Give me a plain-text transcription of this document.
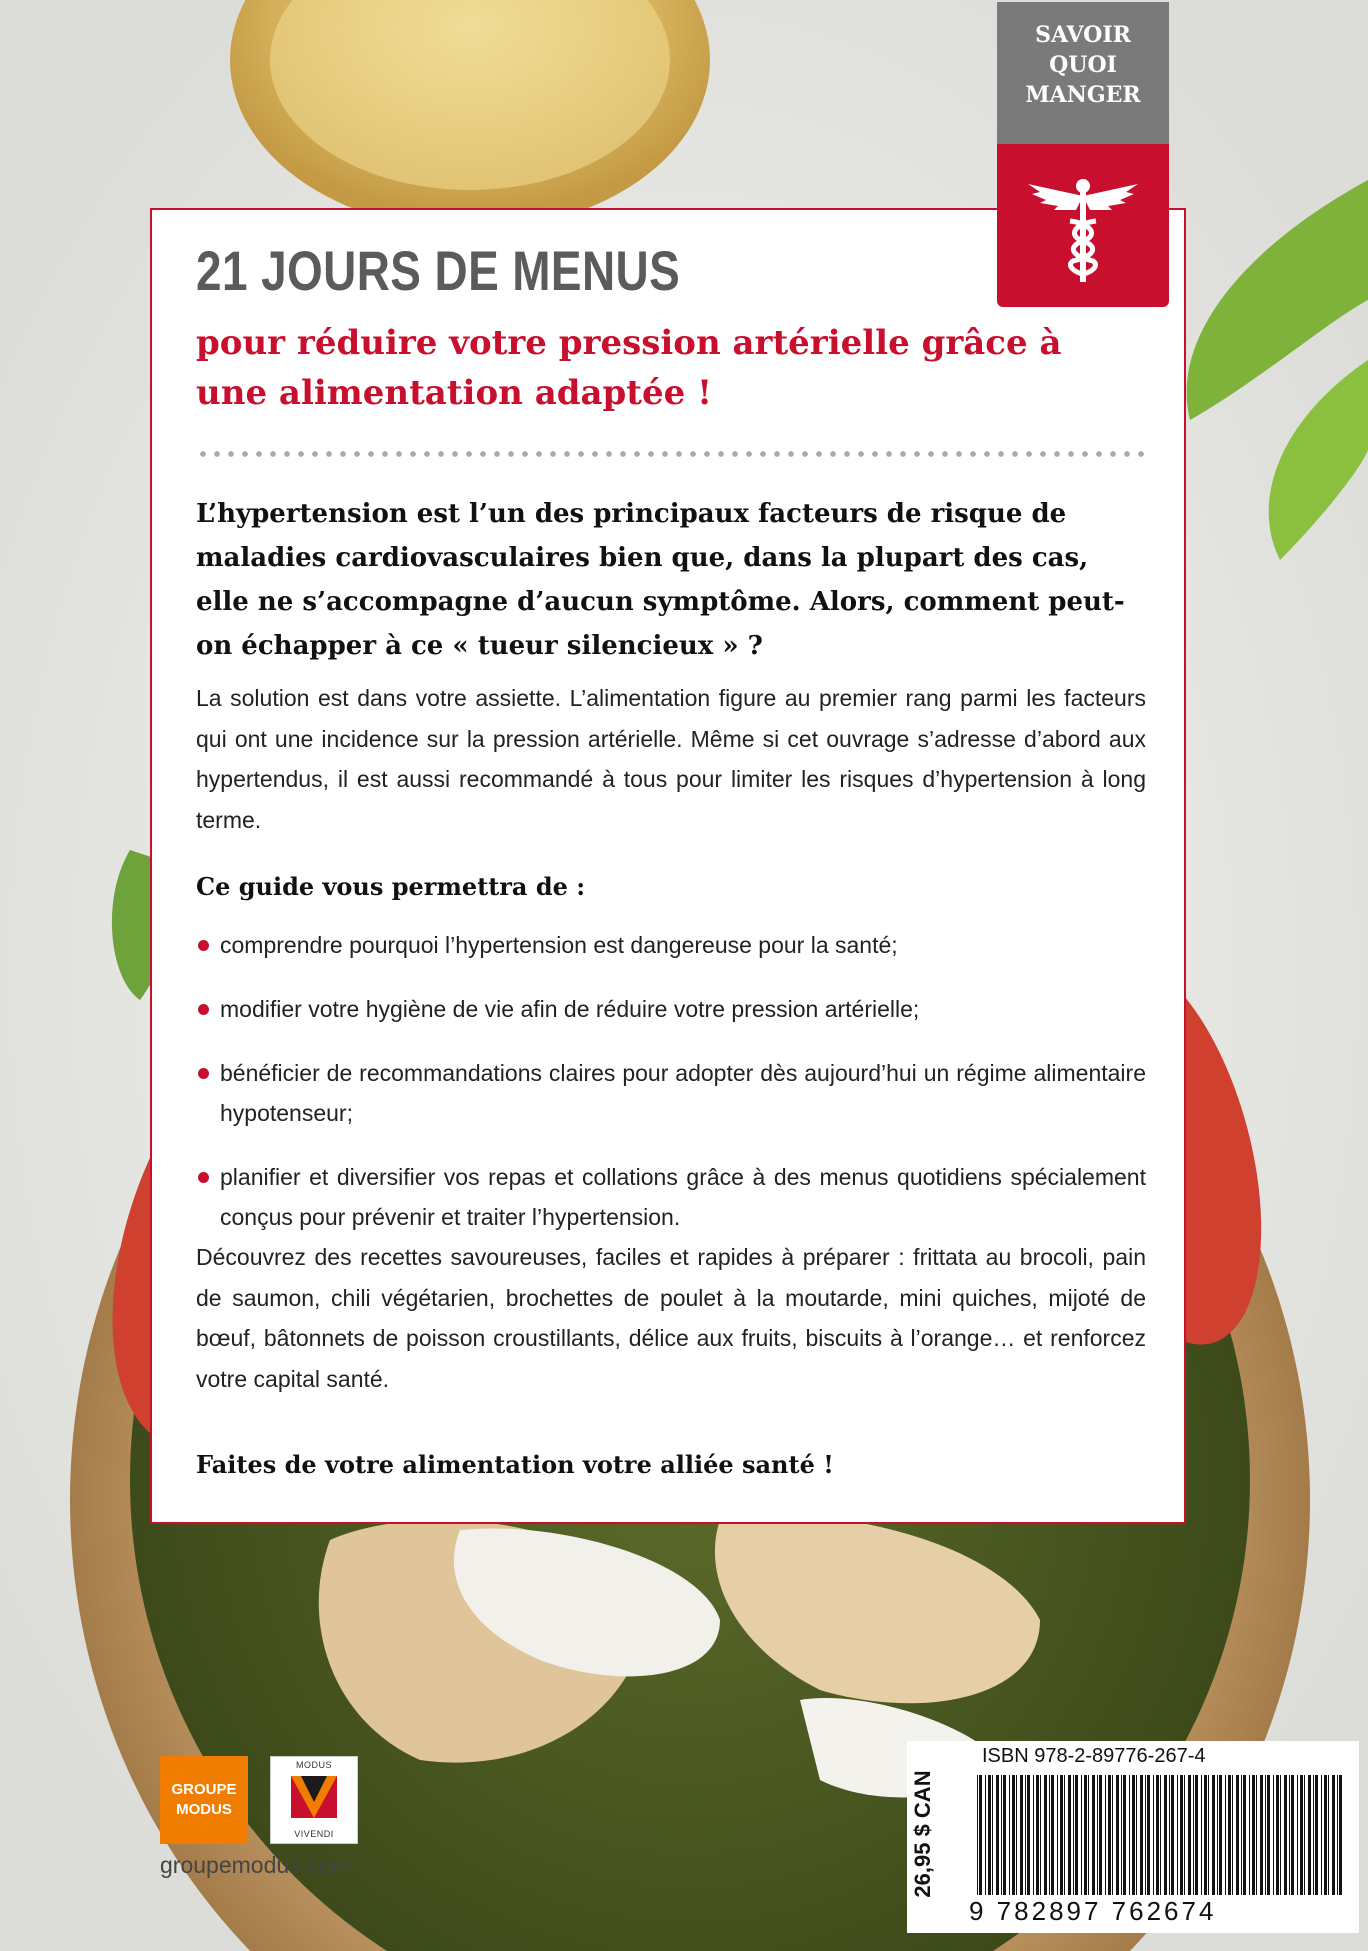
SAVOIR
QUOI
MANGER
21 JOURS DE MENUS
pour réduire votre pression artérielle grâce à une alimentation adaptée !

L’hypertension est l’un des principaux facteurs de risque de maladies cardiovasculaires bien que, dans la plupart des cas, elle ne s’accompagne d’aucun symptôme. Alors, comment peut-on échapper à ce « tueur silencieux » ?

La solution est dans votre assiette. L’alimentation figure au premier rang parmi les facteurs qui ont une incidence sur la pression artérielle. Même si cet ouvrage s’adresse d’abord aux hypertendus, il est aussi recommandé à tous pour limiter les risques d’hypertension à long terme.

Ce guide vous permettra de :

comprendre pourquoi l’hypertension est dangereuse pour la santé;
modifier votre hygiène de vie afin de réduire votre pression artérielle;
bénéficier de recommandations claires pour adopter dès aujourd’hui un régime alimentaire hypotenseur;
planifier et diversifier vos repas et collations grâce à des menus quotidiens spécialement conçus pour prévenir et traiter l’hypertension.

Découvrez des recettes savoureuses, faciles et rapides à préparer : frittata au brocoli, pain de saumon, chili végétarien, brochettes de poulet à la moutarde, mini quiches, mijoté de bœuf, bâtonnets de poisson croustillants, délice aux fruits, biscuits à l’orange… et renforcez votre capital santé.

Faites de votre alimentation votre alliée santé !

GROUPE
MODUS
MODUS
VIVENDI
groupemodus.com	26,95 $ CAN
ISBN 978-2-89776-267-4
9 782897 762674
